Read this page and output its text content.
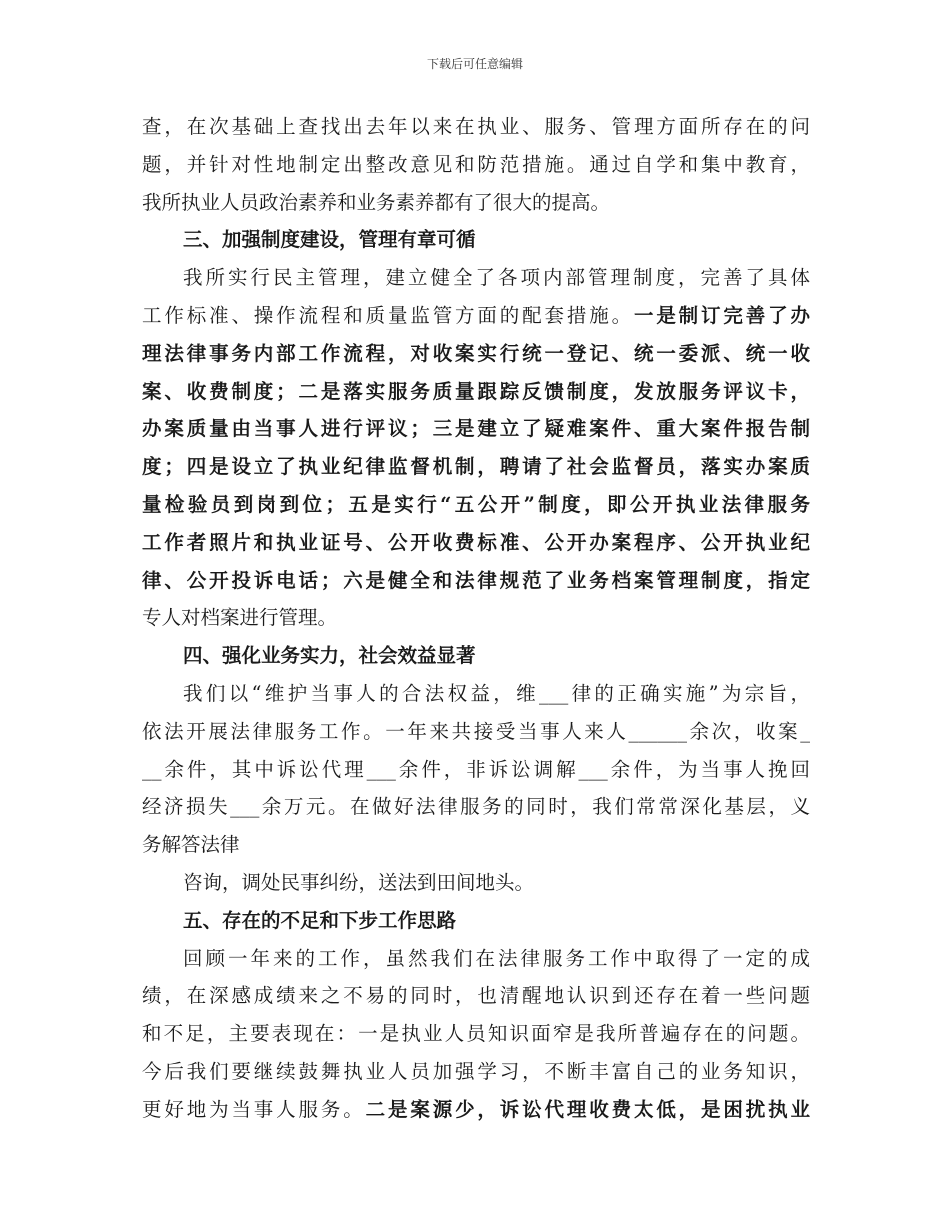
下载后可任意编辑
查，在次基础上查找出去年以来在执业、服务、管理方面所存在的问
题，并针对性地制定出整改意见和防范措施。通过自学和集中教育，
我所执业人员政治素养和业务素养都有了很大的提高。
三、加强制度建设，管理有章可循
我所实行民主管理，建立健全了各项内部管理制度，完善了具体
工作标准、操作流程和质量监管方面的配套措施。一是制订完善了办
理法律事务内部工作流程，对收案实行统一登记、统一委派、统一收
案、收费制度；二是落实服务质量跟踪反馈制度，发放服务评议卡，
办案质量由当事人进行评议；三是建立了疑难案件、重大案件报告制
度；四是设立了执业纪律监督机制，聘请了社会监督员，落实办案质
量检验员到岗到位；五是实行“五公开”制度，即公开执业法律服务
工作者照片和执业证号、公开收费标准、公开办案程序、公开执业纪
律、公开投诉电话；六是健全和法律规范了业务档案管理制度，指定
专人对档案进行管理。
四、强化业务实力，社会效益显著
我们以“维护当事人的合法权益，维___律的正确实施”为宗旨，
依法开展法律服务工作。一年来共接受当事人来人______余次，收案_
__余件，其中诉讼代理___余件，非诉讼调解___余件，为当事人挽回
经济损失___余万元。在做好法律服务的同时，我们常常深化基层，义
务解答法律
咨询，调处民事纠纷，送法到田间地头。
五、存在的不足和下步工作思路
回顾一年来的工作，虽然我们在法律服务工作中取得了一定的成
绩，在深感成绩来之不易的同时，也清醒地认识到还存在着一些问题
和不足，主要表现在：一是执业人员知识面窄是我所普遍存在的问题。
今后我们要继续鼓舞执业人员加强学习，不断丰富自己的业务知识，
更好地为当事人服务。二是案源少，诉讼代理收费太低，是困扰执业
